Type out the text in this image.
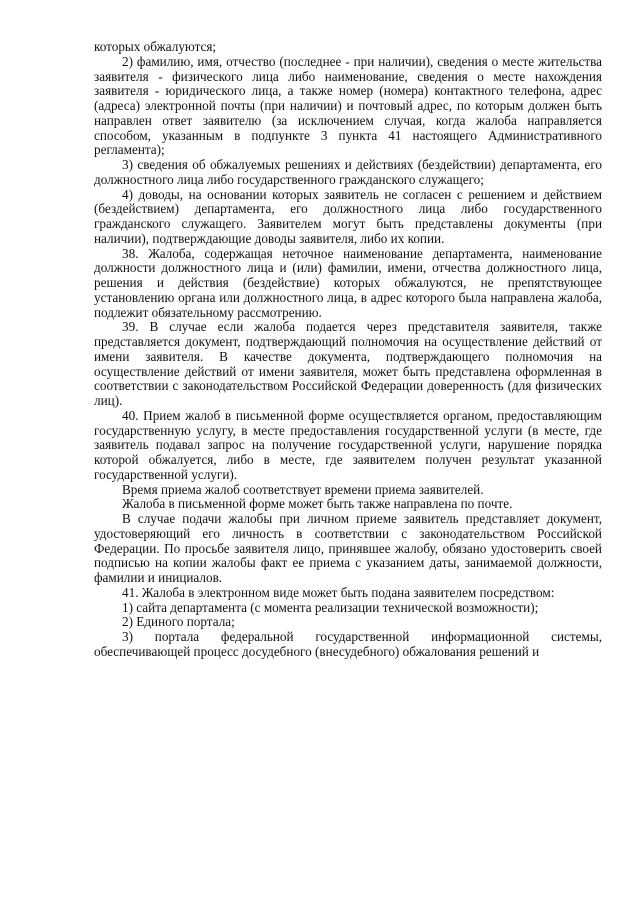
которых обжалуются;

2) фамилию, имя, отчество (последнее - при наличии), сведения о месте жительства заявителя - физического лица либо наименование, сведения о месте нахождения заявителя - юридического лица, а также номер (номера) контактного телефона, адрес (адреса) электронной почты (при наличии) и почтовый адрес, по которым должен быть направлен ответ заявителю (за исключением случая, когда жалоба направляется способом, указанным в подпункте 3 пункта 41 настоящего Административного регламента);

3) сведения об обжалуемых решениях и действиях (бездействии) департамента, его должностного лица либо государственного гражданского служащего;

4) доводы, на основании которых заявитель не согласен с решением и действием (бездействием) департамента, его должностного лица либо государственного гражданского служащего. Заявителем могут быть представлены документы (при наличии), подтверждающие доводы заявителя, либо их копии.

38. Жалоба, содержащая неточное наименование департамента, наименование должности должностного лица и (или) фамилии, имени, отчества должностного лица, решения и действия (бездействие) которых обжалуются, не препятствующее установлению органа или должностного лица, в адрес которого была направлена жалоба, подлежит обязательному рассмотрению.

39. В случае если жалоба подается через представителя заявителя, также представляется документ, подтверждающий полномочия на осуществление действий от имени заявителя. В качестве документа, подтверждающего полномочия на осуществление действий от имени заявителя, может быть представлена оформленная в соответствии с законодательством Российской Федерации доверенность (для физических лиц).

40. Прием жалоб в письменной форме осуществляется органом, предоставляющим государственную услугу, в месте предоставления государственной услуги (в месте, где заявитель подавал запрос на получение государственной услуги, нарушение порядка которой обжалуется, либо в месте, где заявителем получен результат указанной государственной услуги).

Время приема жалоб соответствует времени приема заявителей.

Жалоба в письменной форме может быть также направлена по почте.

В случае подачи жалобы при личном приеме заявитель представляет документ, удостоверяющий его личность в соответствии с законодательством Российской Федерации. По просьбе заявителя лицо, принявшее жалобу, обязано удостоверить своей подписью на копии жалобы факт ее приема с указанием даты, занимаемой должности, фамилии и инициалов.

41. Жалоба в электронном виде может быть подана заявителем посредством:

1) сайта департамента (с момента реализации технической возможности);

2) Единого портала;

3) портала федеральной государственной информационной системы, обеспечивающей процесс досудебного (внесудебного) обжалования решений и
